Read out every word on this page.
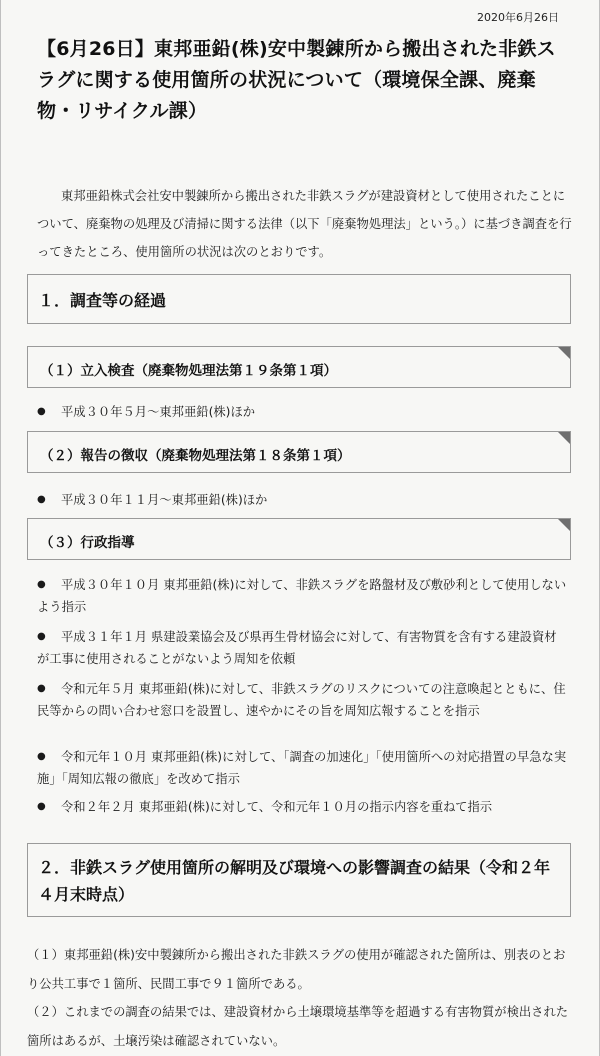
2020年6月26日
【6月26日】東邦亜鉛(株)安中製錬所から搬出された非鉄スラグに関する使用箇所の状況について（環境保全課、廃棄物・リサイクル課）
東邦亜鉛株式会社安中製錬所から搬出された非鉄スラグが建設資材として使用されたことについて、廃棄物の処理及び清掃に関する法律（以下「廃棄物処理法」という。）に基づき調査を行ってきたところ、使用箇所の状況は次のとおりです。
１．調査等の経過
（１）立入検査（廃棄物処理法第１９条第１項）
●	平成３０年５月～東邦亜鉛(株)ほか
（２）報告の徴収（廃棄物処理法第１８条第１項）
●	平成３０年１１月～東邦亜鉛(株)ほか
（３）行政指導
●	平成３０年１０月 東邦亜鉛(株)に対して、非鉄スラグを路盤材及び敷砂利として使用しないよう指示
●	平成３１年１月 県建設業協会及び県再生骨材協会に対して、有害物質を含有する建設資材が工事に使用されることがないよう周知を依頼
●	令和元年５月 東邦亜鉛(株)に対して、非鉄スラグのリスクについての注意喚起とともに、住民等からの問い合わせ窓口を設置し、速やかにその旨を周知広報することを指示
●	令和元年１０月 東邦亜鉛(株)に対して、「調査の加速化」「使用箇所への対応措置の早急な実施」「周知広報の徹底」を改めて指示
●	令和２年２月 東邦亜鉛(株)に対して、令和元年１０月の指示内容を重ねて指示
２．非鉄スラグ使用箇所の解明及び環境への影響調査の結果（令和２年４月末時点）
（１）東邦亜鉛(株)安中製錬所から搬出された非鉄スラグの使用が確認された箇所は、別表のとおり公共工事で１箇所、民間工事で９１箇所である。
（２）これまでの調査の結果では、建設資材から土壌環境基準等を超過する有害物質が検出された箇所はあるが、土壌汚染は確認されていない。
